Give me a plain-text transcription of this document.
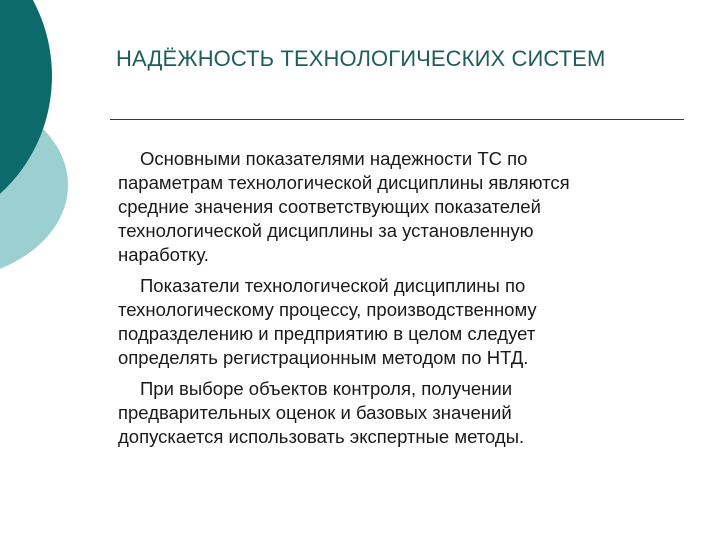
НАДЁЖНОСТЬ ТЕХНОЛОГИЧЕСКИХ СИСТЕМ

Основными показателями надежности ТС по параметрам технологической дисциплины являются средние значения соответствующих показателей технологической дисциплины за установленную наработку.

Показатели технологической дисциплины по технологическому процессу, производственному подразделению и предприятию в целом следует определять регистрационным методом по НТД.

При выборе объектов контроля, получении предварительных оценок и базовых значений допускается использовать экспертные методы.
